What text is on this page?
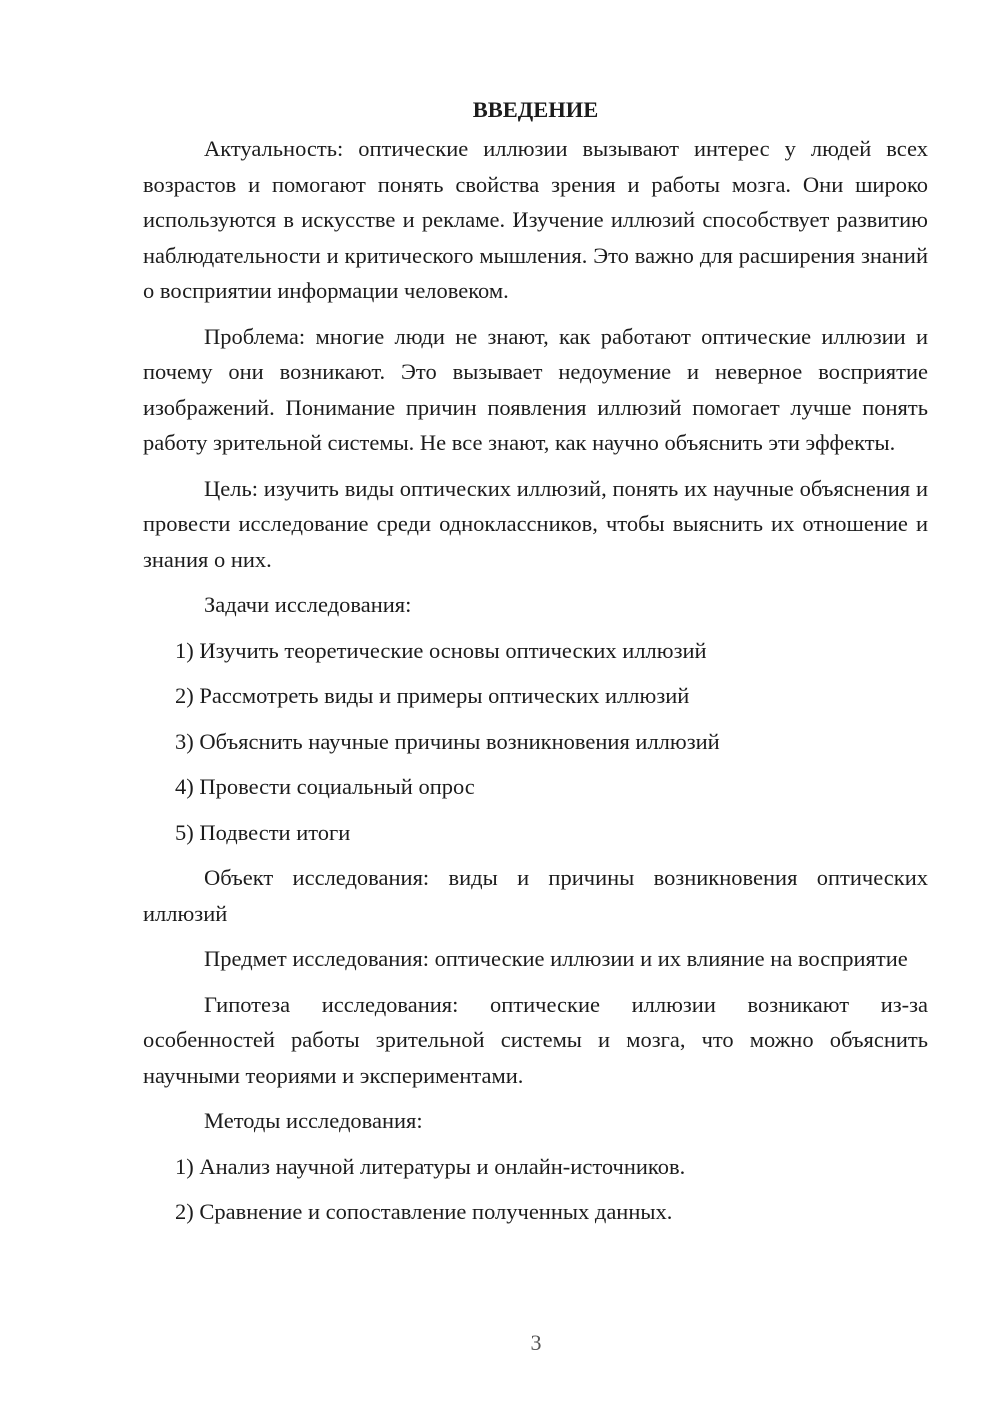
ВВЕДЕНИЕ

Актуальность: оптические иллюзии вызывают интерес у людей всех возрастов и помогают понять свойства зрения и работы мозга. Они широко используются в искусстве и рекламе. Изучение иллюзий способствует развитию наблюдательности и критического мышления. Это важно для расширения знаний о восприятии информации человеком.

Проблема: многие люди не знают, как работают оптические иллюзии и почему они возникают. Это вызывает недоумение и неверное восприятие изображений. Понимание причин появления иллюзий помогает лучше понять работу зрительной системы. Не все знают, как научно объяснить эти эффекты.

Цель: изучить виды оптических иллюзий, понять их научные объяснения и провести исследование среди одноклассников, чтобы выяснить их отношение и знания о них.

Задачи исследования:

1) Изучить теоретические основы оптических иллюзий
2) Рассмотреть виды и примеры оптических иллюзий
3) Объяснить научные причины возникновения иллюзий
4) Провести социальный опрос
5) Подвести итоги

Объект исследования: виды и причины возникновения оптических иллюзий

Предмет исследования: оптические иллюзии и их влияние на восприятие

Гипотеза исследования: оптические иллюзии возникают из-за особенностей работы зрительной системы и мозга, что можно объяснить научными теориями и экспериментами.

Методы исследования:

1) Анализ научной литературы и онлайн-источников.
2) Сравнение и сопоставление полученных данных.
3
